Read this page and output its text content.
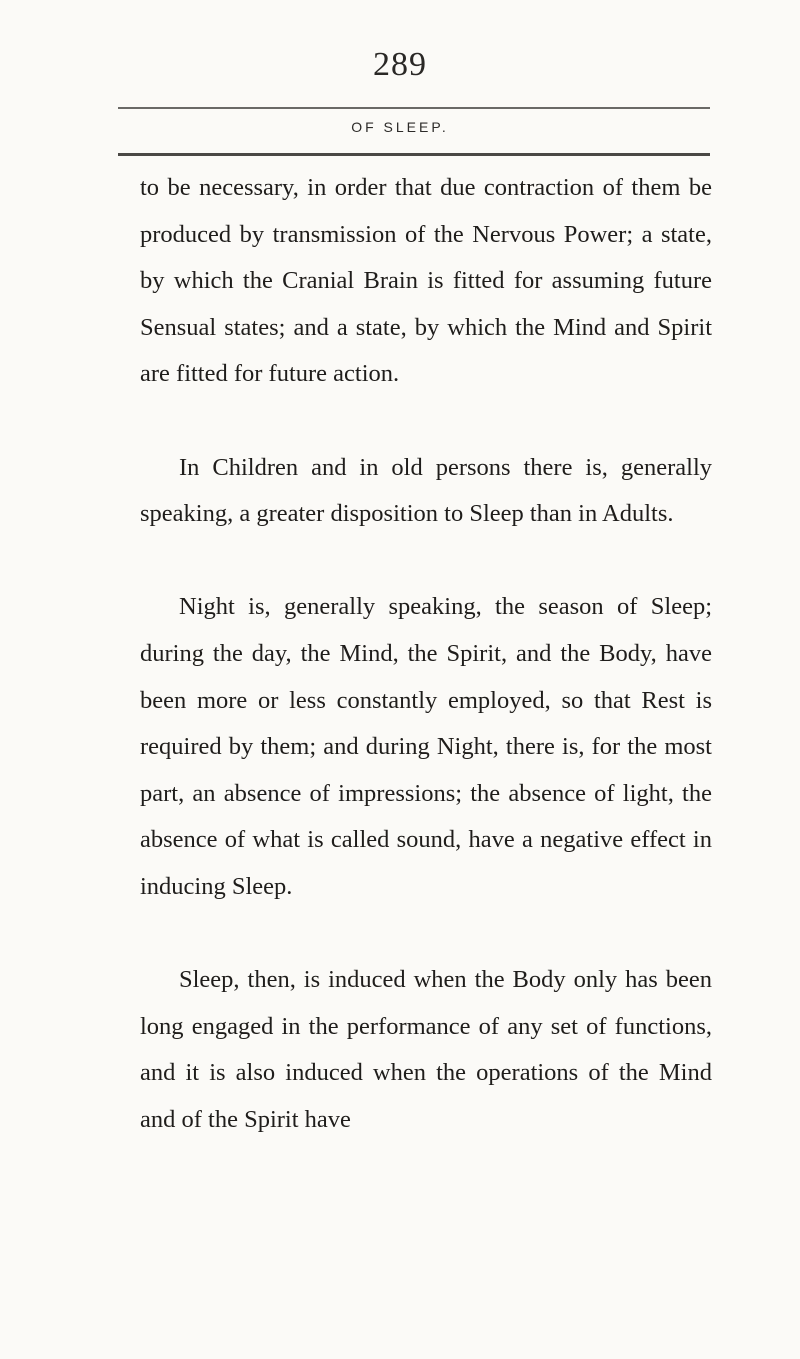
289
OF SLEEP.

to be necessary, in order that due contraction of them be produced by transmission of the Nervous Power; a state, by which the Cranial Brain is fitted for assuming future Sensual states; and a state, by which the Mind and Spirit are fitted for future action.

In Children and in old persons there is, generally speaking, a greater disposition to Sleep than in Adults.

Night is, generally speaking, the season of Sleep; during the day, the Mind, the Spirit, and the Body, have been more or less constantly employed, so that Rest is required by them; and during Night, there is, for the most part, an absence of impressions; the absence of light, the absence of what is called sound, have a negative effect in inducing Sleep.

Sleep, then, is induced when the Body only has been long engaged in the performance of any set of functions, and it is also induced when the operations of the Mind and of the Spirit have
